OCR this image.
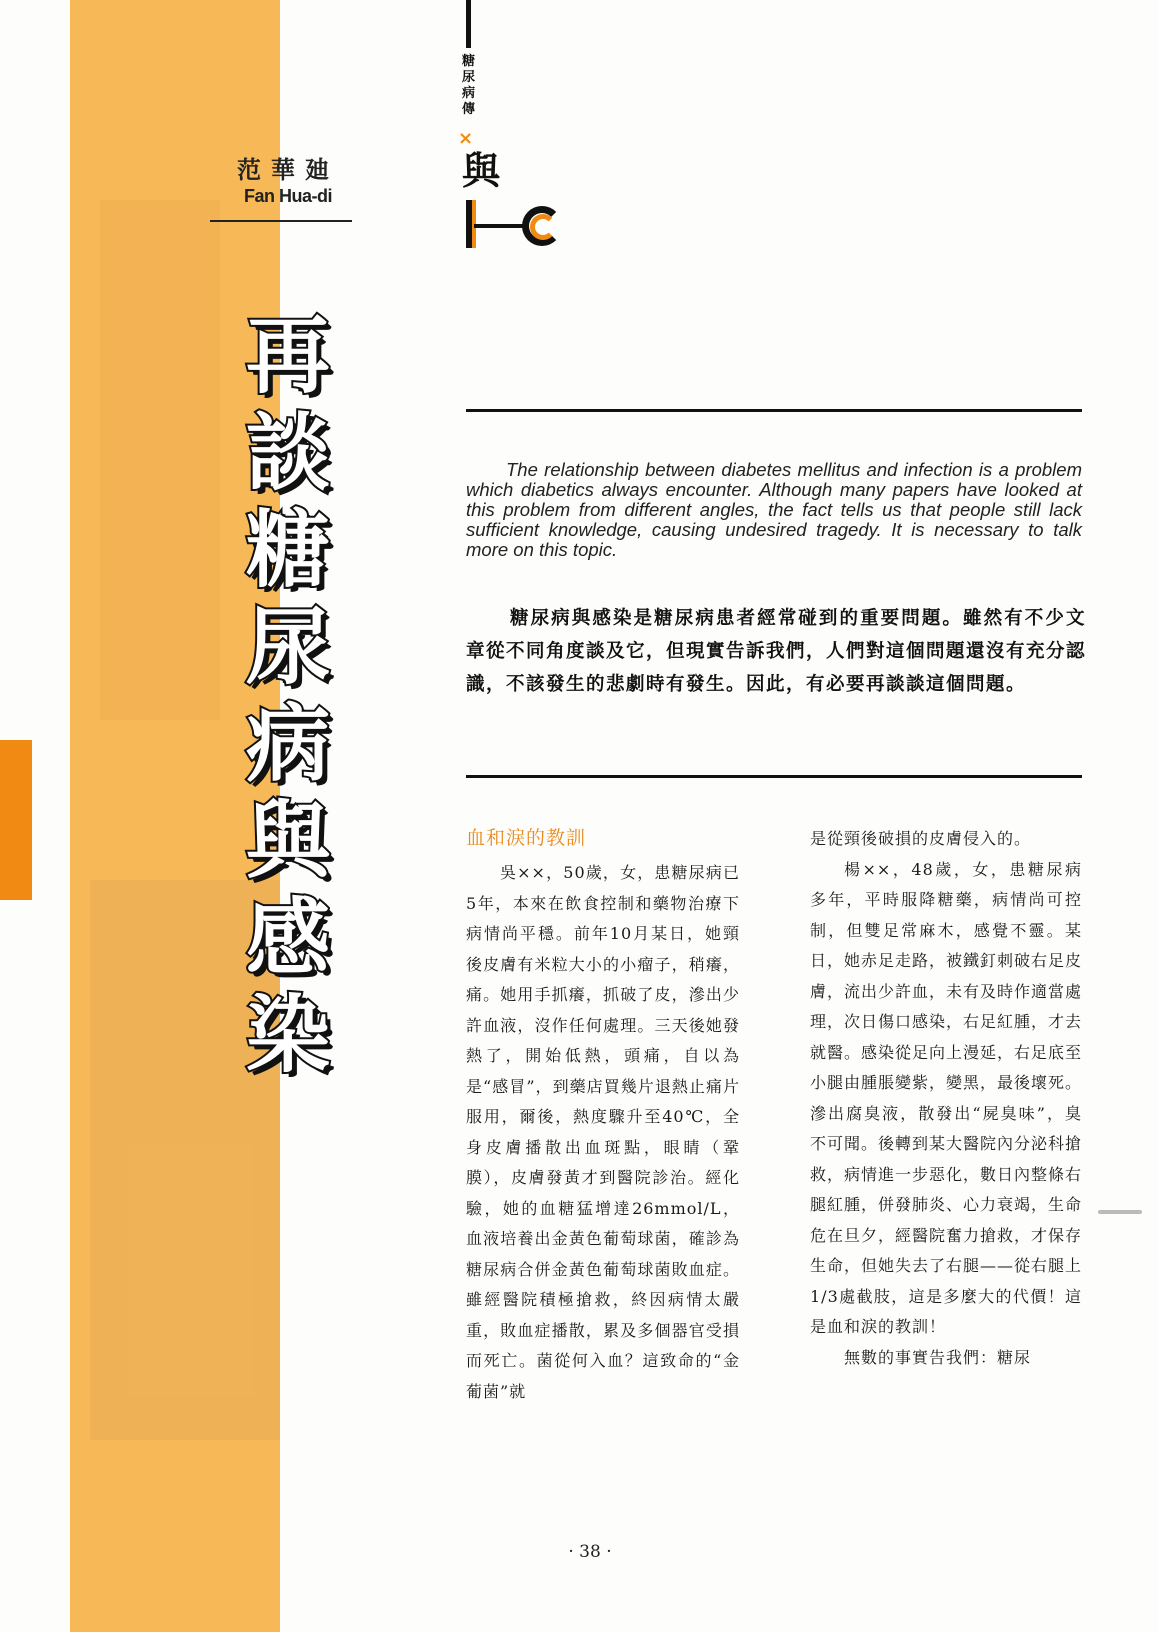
范華廸
Fan Hua-di
再
談
糖
尿
病
與
感
染
糖尿病傳
×
與

The relationship between diabetes mellitus and infection is a problem which diabetics always encounter. Although many papers have looked at this problem from different angles, the fact tells us that people still lack sufficient knowledge, causing undesired tragedy. It is necessary to talk more on this topic.

糖尿病與感染是糖尿病患者經常碰到的重要問題。雖然有不少文章從不同角度談及它，但現實告訴我們，人們對這個問題還沒有充分認識，不該發生的悲劇時有發生。因此，有必要再談談這個問題。

血和淚的教訓

吳××，50歲，女，患糖尿病已5年，本來在飲食控制和藥物治療下病情尚平穩。前年10月某日，她頸後皮膚有米粒大小的小瘤子，稍癢，痛。她用手抓癢，抓破了皮，滲出少許血液，沒作任何處理。三天後她發熱了，開始低熱，頭痛，自以為是“感冒”，到藥店買幾片退熱止痛片服用，爾後，熱度驟升至40℃，全身皮膚播散出血斑點，眼睛（鞏膜），皮膚發黃才到醫院診治。經化驗，她的血糖猛增達26mmol/L，血液培養出金黃色葡萄球菌，確診為糖尿病合併金黃色葡萄球菌敗血症。雖經醫院積極搶救，終因病情太嚴重，敗血症播散，累及多個器官受損而死亡。菌從何入血？這致命的“金葡菌”就

是從頸後破損的皮膚侵入的。

楊××，48歲，女，患糖尿病多年，平時服降糖藥，病情尚可控制，但雙足常麻木，感覺不靈。某日，她赤足走路，被鐵釘刺破右足皮膚，流出少許血，未有及時作適當處理，次日傷口感染，右足紅腫，才去就醫。感染從足向上漫延，右足底至小腿由腫脹變紫，變黑，最後壞死。滲出腐臭液，散發出“屍臭味”，臭不可聞。後轉到某大醫院內分泌科搶救，病情進一步惡化，數日內整條右腿紅腫，併發肺炎、心力衰竭，生命危在旦夕，經醫院奮力搶救，才保存生命，但她失去了右腿——從右腿上1/3處截肢，這是多麼大的代價！這是血和淚的教訓！

無數的事實告我們：糖尿

· 38 ·
